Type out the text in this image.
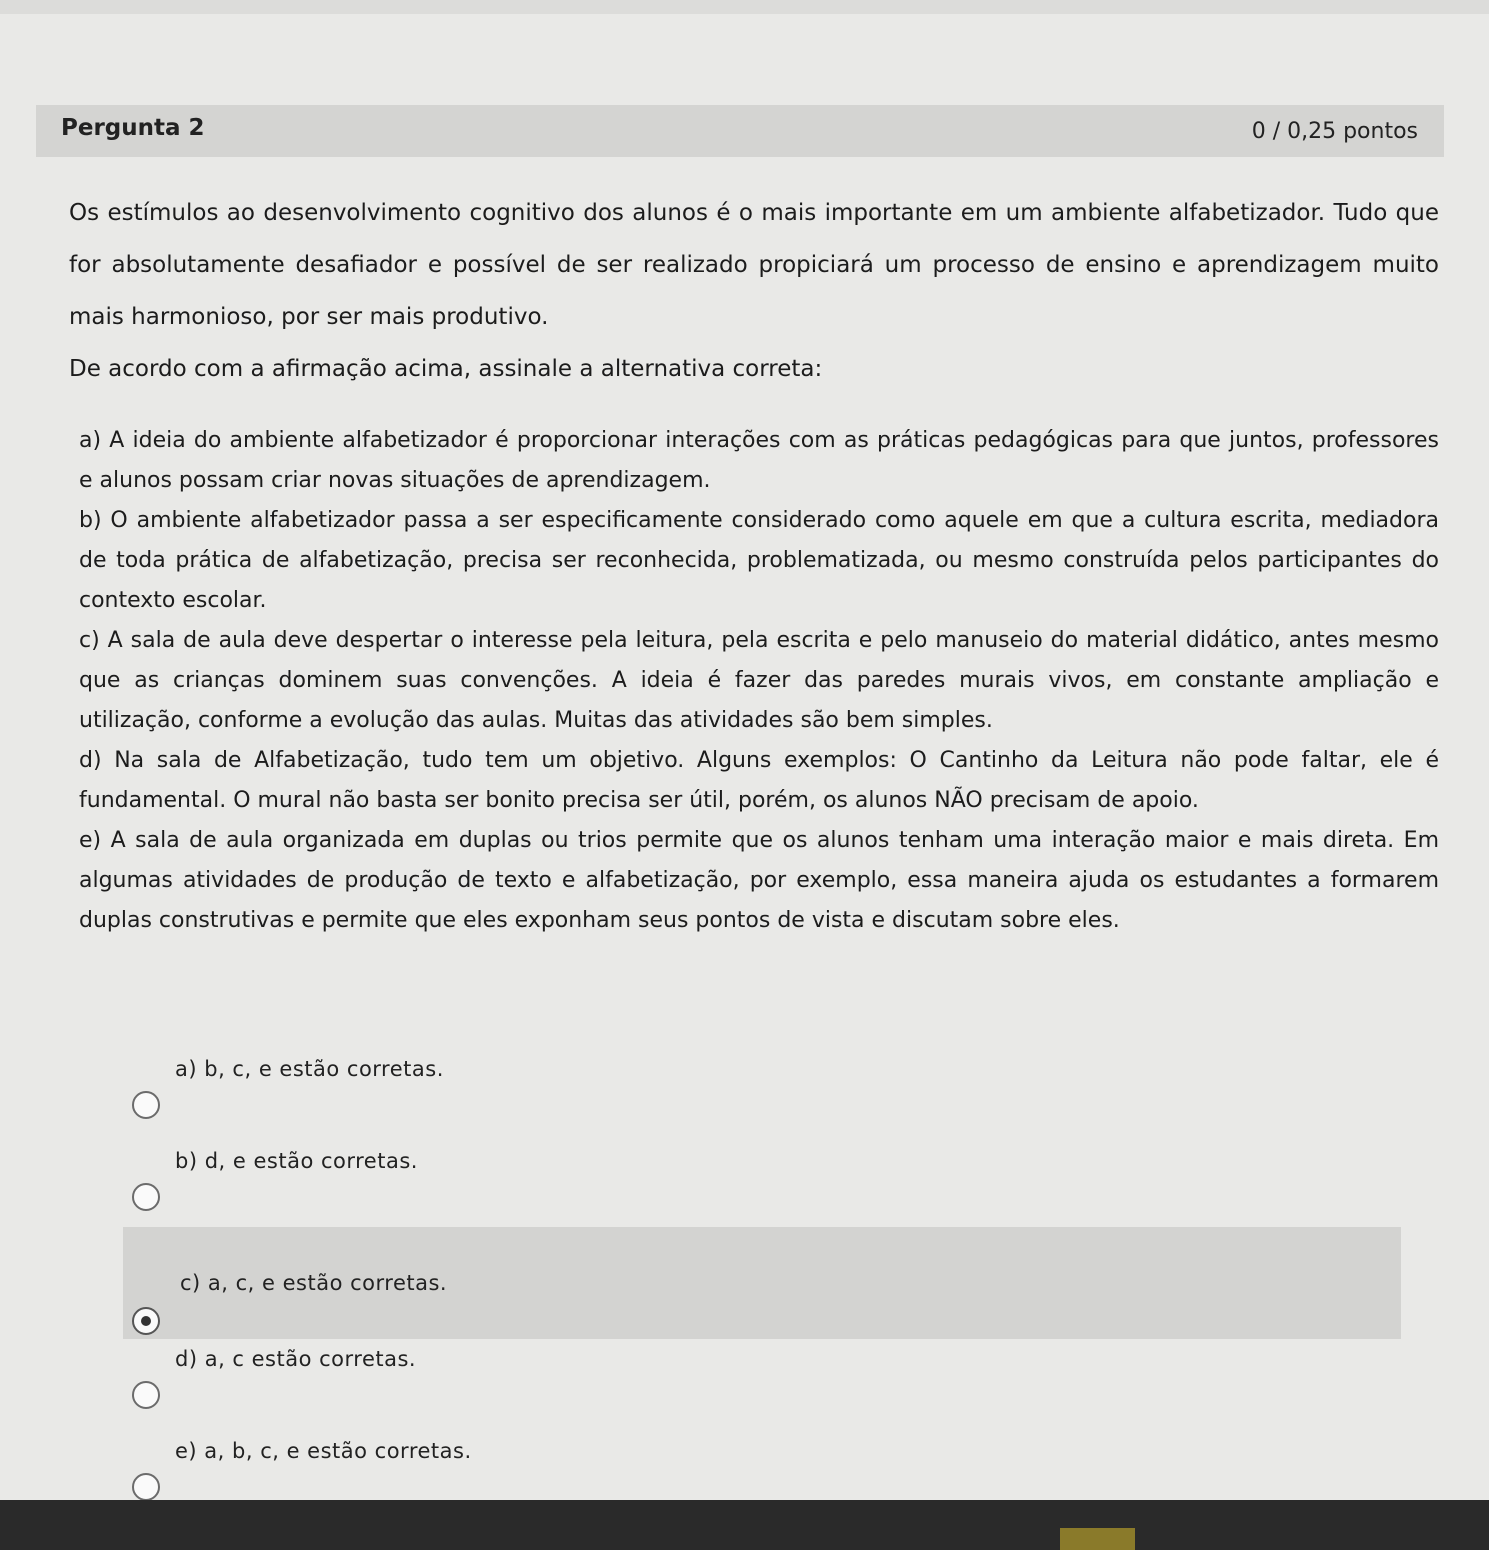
Pergunta 2	0 / 0,25 pontos

Os estímulos ao desenvolvimento cognitivo dos alunos é o mais importante em um ambiente alfabetizador. Tudo que for absolutamente desafiador e possível de ser realizado propiciará um processo de ensino e aprendizagem muito mais harmonioso, por ser mais produtivo.

De acordo com a afirmação acima, assinale a alternativa correta:

a) A ideia do ambiente alfabetizador é proporcionar interações com as práticas pedagógicas para que juntos, professores e alunos possam criar novas situações de aprendizagem.

b) O ambiente alfabetizador passa a ser especificamente considerado como aquele em que a cultura escrita, mediadora de toda prática de alfabetização, precisa ser reconhecida, problematizada, ou mesmo construída pelos participantes do contexto escolar.

c) A sala de aula deve despertar o interesse pela leitura, pela escrita e pelo manuseio do material didático, antes mesmo que as crianças dominem suas convenções. A ideia é fazer das paredes murais vivos, em constante ampliação e utilização, conforme a evolução das aulas. Muitas das atividades são bem simples.

d) Na sala de Alfabetização, tudo tem um objetivo. Alguns exemplos: O Cantinho da Leitura não pode faltar, ele é fundamental. O mural não basta ser bonito precisa ser útil, porém, os alunos NÃO precisam de apoio.

e) A sala de aula organizada em duplas ou trios permite que os alunos tenham uma interação maior e mais direta. Em algumas atividades de produção de texto e alfabetização, por exemplo, essa maneira ajuda os estudantes a formarem duplas construtivas e permite que eles exponham seus pontos de vista e discutam sobre eles.

a) b, c, e estão corretas.
b) d, e estão corretas.
c) a, c, e estão corretas.
d) a, c estão corretas.
e) a, b, c, e estão corretas.
